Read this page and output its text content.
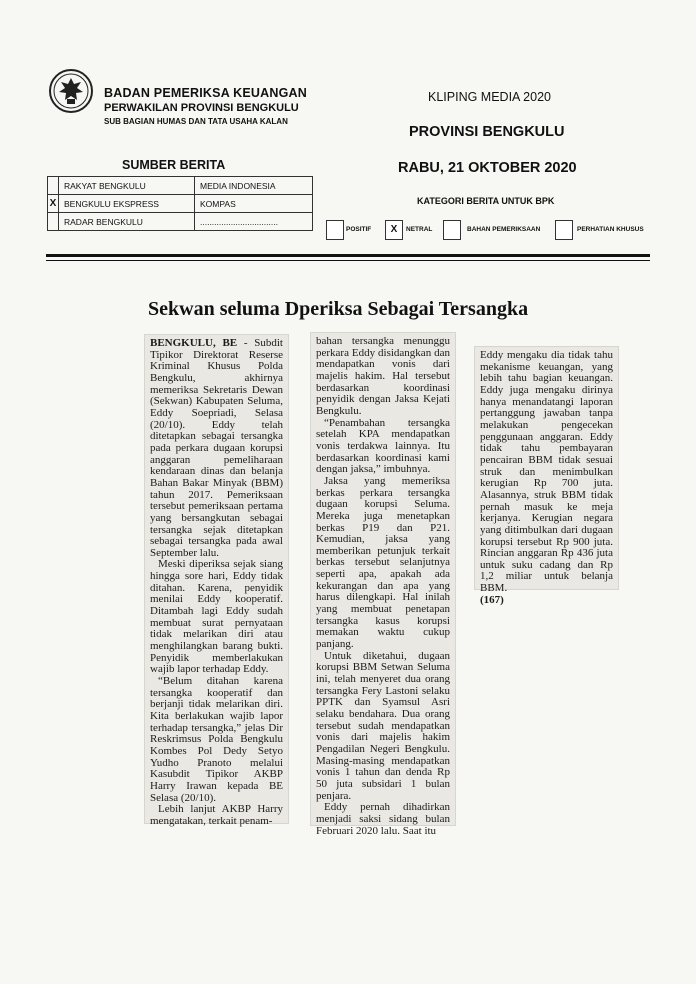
BADAN PEMERIKSA KEUANGAN
PERWAKILAN PROVINSI BENGKULU
SUB BAGIAN HUMAS DAN TATA USAHA KALAN
KLIPING MEDIA 2020
PROVINSI BENGKULU
RABU, 21 OKTOBER 2020
SUMBER BERITA
	RAKYAT BENGKULU	MEDIA INDONESIA
X	BENGKULU EKSPRESS	KOMPAS
	RADAR BENGKULU	.................................
KATEGORI BERITA UNTUK BPK
POSITIF	X	NETRAL	BAHAN PEMERIKSAAN	PERHATIAN KHUSUS
Sekwan seluma Dperiksa Sebagai Tersangka

BENGKULU, BE - Subdit Tipikor Direktorat Reserse Kriminal Khusus Polda Bengkulu, akhirnya memeriksa Sekretaris Dewan (Sekwan) Kabupaten Seluma, Eddy Soepriadi, Selasa (20/10). Eddy telah ditetapkan sebagai tersangka pada perkara dugaan korupsi anggaran pemeliharaan kendaraan dinas dan belanja Bahan Bakar Minyak (BBM) tahun 2017. Pemeriksaan tersebut pemeriksaan pertama yang bersangkutan sebagai tersangka sejak ditetapkan sebagai tersangka pada awal September lalu.

Meski diperiksa sejak siang hingga sore hari, Eddy tidak ditahan. Karena, penyidik menilai Eddy kooperatif. Ditambah lagi Eddy sudah membuat surat pernyataan tidak melarikan diri atau menghilangkan barang bukti. Penyidik memberlakukan wajib lapor terhadap Eddy.

“Belum ditahan karena tersangka kooperatif dan berjanji tidak melarikan diri. Kita berlakukan wajib lapor terhadap tersangka,” jelas Dir Reskrimsus Polda Bengkulu Kombes Pol Dedy Setyo Yudho Pranoto melalui Kasubdit Tipikor AKBP Harry Irawan kepada BE Selasa (20/10).

Lebih lanjut AKBP Harry mengatakan, terkait penam-

bahan tersangka menunggu perkara Eddy disidangkan dan mendapatkan vonis dari majelis hakim. Hal tersebut berdasarkan koordinasi penyidik dengan Jaksa Kejati Bengkulu.

“Penambahan tersangka setelah KPA mendapatkan vonis terdakwa lainnya. Itu berdasarkan koordinasi kami dengan jaksa,” imbuhnya.

Jaksa yang memeriksa berkas perkara tersangka dugaan korupsi Seluma. Mereka juga menetapkan berkas P19 dan P21. Kemudian, jaksa yang memberikan petunjuk terkait berkas tersebut selanjutnya seperti apa, apakah ada kekurangan dan apa yang harus dilengkapi. Hal inilah yang membuat penetapan tersangka kasus korupsi memakan waktu cukup panjang.

Untuk diketahui, dugaan korupsi BBM Setwan Seluma ini, telah menyeret dua orang tersangka Fery Lastoni selaku PPTK dan Syamsul Asri selaku bendahara. Dua orang tersebut sudah mendapatkan vonis dari majelis hakim Pengadilan Negeri Bengkulu. Masing-masing mendapatkan vonis 1 tahun dan denda Rp 50 juta subsidari 1 bulan penjara.

Eddy pernah dihadirkan menjadi saksi sidang bulan Februari 2020 lalu. Saat itu

Eddy mengaku dia tidak tahu mekanisme keuangan, yang lebih tahu bagian keuangan. Eddy juga mengaku dirinya hanya menandatangi laporan pertanggung jawaban tanpa melakukan pengecekan penggunaan anggaran. Eddy tidak tahu pembayaran pencairan BBM tidak sesuai struk dan menimbulkan kerugian Rp 700 juta. Alasannya, struk BBM tidak pernah masuk ke meja kerjanya. Kerugian negara yang ditimbulkan dari dugaan korupsi tersebut Rp 900 juta. Rincian anggaran Rp 436 juta untuk suku cadang dan Rp 1,2 miliar untuk belanja BBM.

(167)
